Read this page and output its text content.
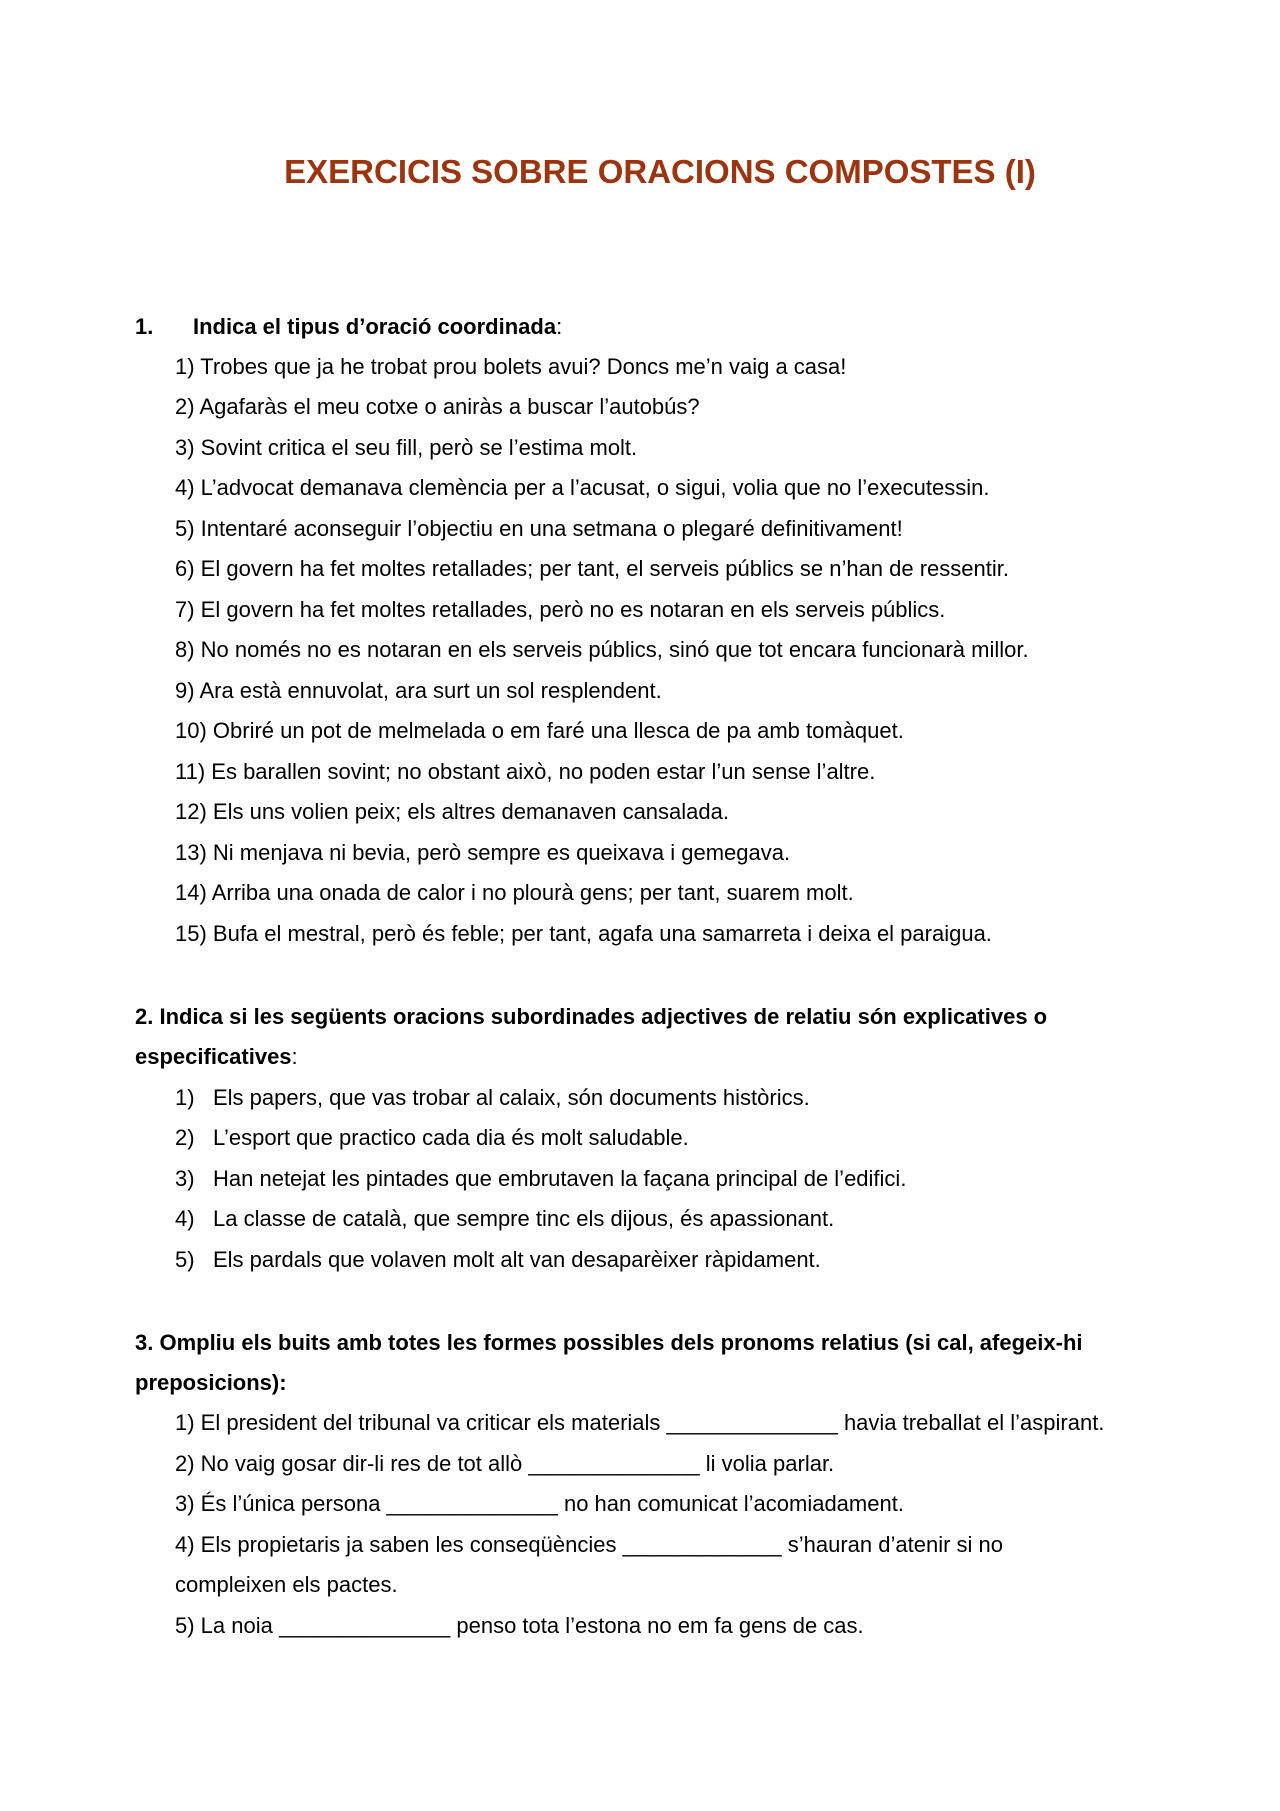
EXERCICIS SOBRE ORACIONS COMPOSTES (I)
1. Indica el tipus d’oració coordinada:
1) Trobes que ja he trobat prou bolets avui? Doncs me’n vaig a casa!
2) Agafaràs el meu cotxe o aniràs a buscar l’autobús?
3) Sovint critica el seu fill, però se l’estima molt.
4) L’advocat demanava clemència per a l’acusat, o sigui, volia que no l’executessin.
5) Intentaré aconseguir l’objectiu en una setmana o plegaré definitivament!
6) El govern ha fet moltes retallades; per tant, el serveis públics se n’han de ressentir.
7) El govern ha fet moltes retallades, però no es notaran en els serveis públics.
8) No només no es notaran en els serveis públics, sinó que tot encara funcionarà millor.
9) Ara està ennuvolat, ara surt un sol resplendent.
10) Obriré un pot de melmelada o em faré una llesca de pa amb tomàquet.
11) Es barallen sovint; no obstant això, no poden estar l’un sense l’altre.
12) Els uns volien peix; els altres demanaven cansalada.
13) Ni menjava ni bevia, però sempre es queixava i gemegava.
14) Arriba una onada de calor i no plourà gens; per tant, suarem molt.
15) Bufa el mestral, però és feble; per tant, agafa una samarreta i deixa el paraigua.
2. Indica si les següents oracions subordinades adjectives de relatiu són explicatives o
especificatives:
1) Els papers, que vas trobar al calaix, són documents històrics.
2) L’esport que practico cada dia és molt saludable.
3) Han netejat les pintades que embrutaven la façana principal de l’edifici.
4) La classe de català, que sempre tinc els dijous, és apassionant.
5) Els pardals que volaven molt alt van desaparèixer ràpidament.
3. Ompliu els buits amb totes les formes possibles dels pronoms relatius (si cal, afegeix-hi
preposicions):
1) El president del tribunal va criticar els materials ______________ havia treballat el l’aspirant.
2) No vaig gosar dir-li res de tot allò ______________ li volia parlar.
3) És l’única persona ______________ no han comunicat l’acomiadament.
4) Els propietaris ja saben les conseqüències _____________ s’hauran d’atenir si no
compleixen els pactes.
5) La noia ______________ penso tota l’estona no em fa gens de cas.
